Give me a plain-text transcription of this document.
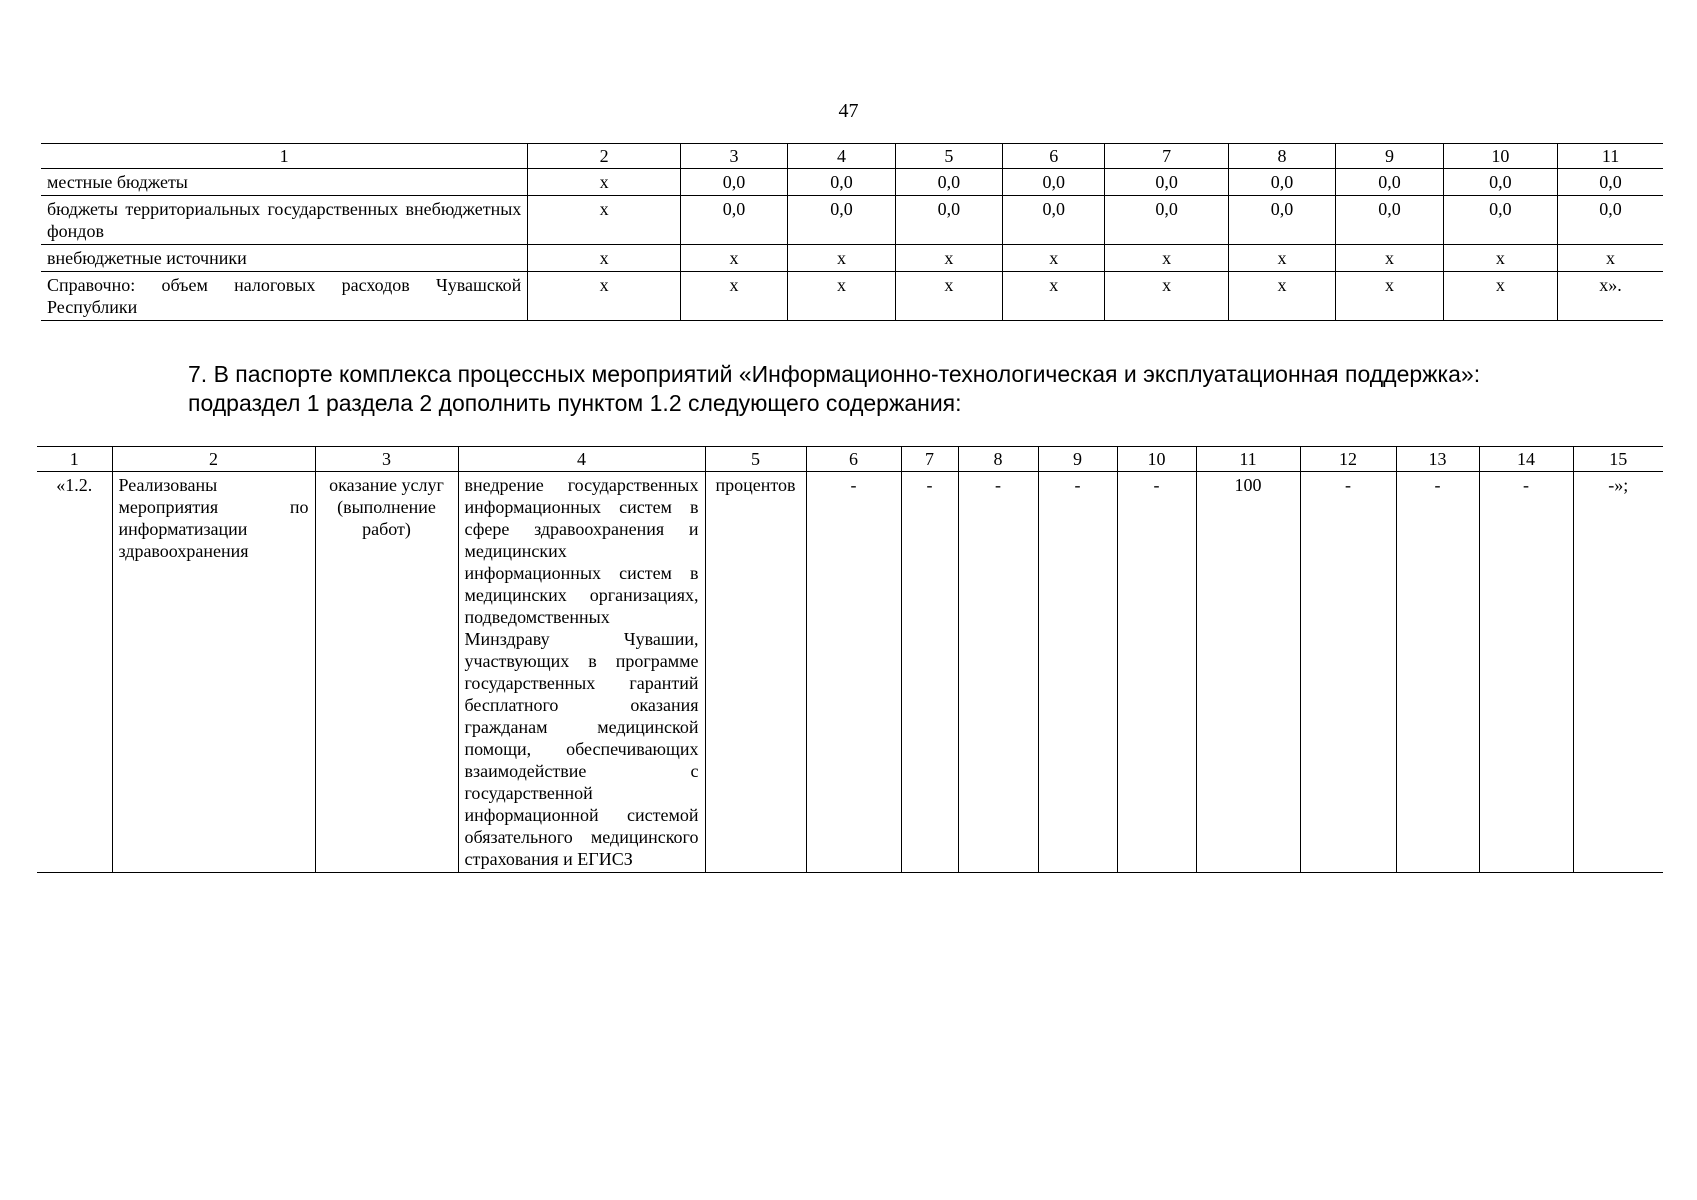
47
1	2	3	4	5	6	7	8	9	10	11
местные бюджеты	x	0,0	0,0	0,0	0,0	0,0	0,0	0,0	0,0	0,0
бюджеты территориальных государственных внебюджетных фондов	x	0,0	0,0	0,0	0,0	0,0	0,0	0,0	0,0	0,0
внебюджетные источники	x	x	x	x	x	x	x	x	x	x
Справочно: объем налоговых расходов Чувашской Республики	x	x	x	x	x	x	x	x	x	x».
7. В паспорте комплекса процессных мероприятий «Информационно-технологическая и эксплуатационная поддержка»:
подраздел 1 раздела 2 дополнить пунктом 1.2 следующего содержания:
1	2	3	4	5	6	7	8	9	10	11	12	13	14	15
«1.2.	Реализованы мероприятия по информатизации здравоохранения	оказание услуг (выполнение работ)	внедрение государственных информационных систем в сфере здравоохранения и медицинских информационных систем в медицинских организациях, подведомственных Минздраву Чувашии, участвующих в программе государственных гарантий бесплатного оказания гражданам медицинской помощи, обеспечивающих взаимодействие с государственной информационной системой обязательного медицинского страхования и ЕГИСЗ	процентов	-	-	-	-	-	100	-	-	-	-»;
